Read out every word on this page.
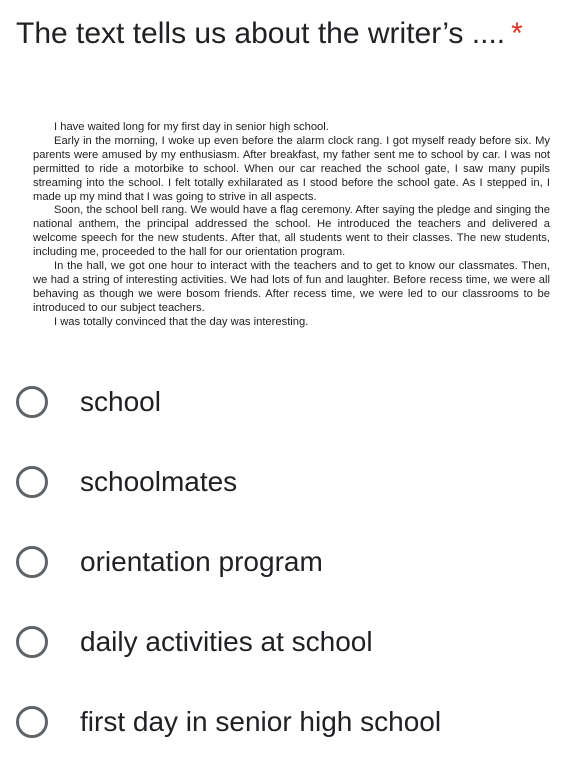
The text tells us about the writer’s .... *

I have waited long for my first day in senior high school.

Early in the morning, I woke up even before the alarm clock rang. I got myself ready before six. My parents were amused by my enthusiasm. After breakfast, my father sent me to school by car. I was not permitted to ride a motorbike to school. When our car reached the school gate, I saw many pupils streaming into the school. I felt totally exhilarated as I stood before the school gate. As I stepped in, I made up my mind that I was going to strive in all aspects.

Soon, the school bell rang. We would have a flag ceremony. After saying the pledge and singing the national anthem, the principal addressed the school. He introduced the teachers and delivered a welcome speech for the new students. After that, all students went to their classes. The new students, including me, proceeded to the hall for our orientation program.

In the hall, we got one hour to interact with the teachers and to get to know our classmates. Then, we had a string of interesting activities. We had lots of fun and laughter. Before recess time, we were all behaving as though we were bosom friends. After recess time, we were led to our classrooms to be introduced to our subject teachers.

I was totally convinced that the day was interesting.

school
schoolmates
orientation program
daily activities at school
first day in senior high school
